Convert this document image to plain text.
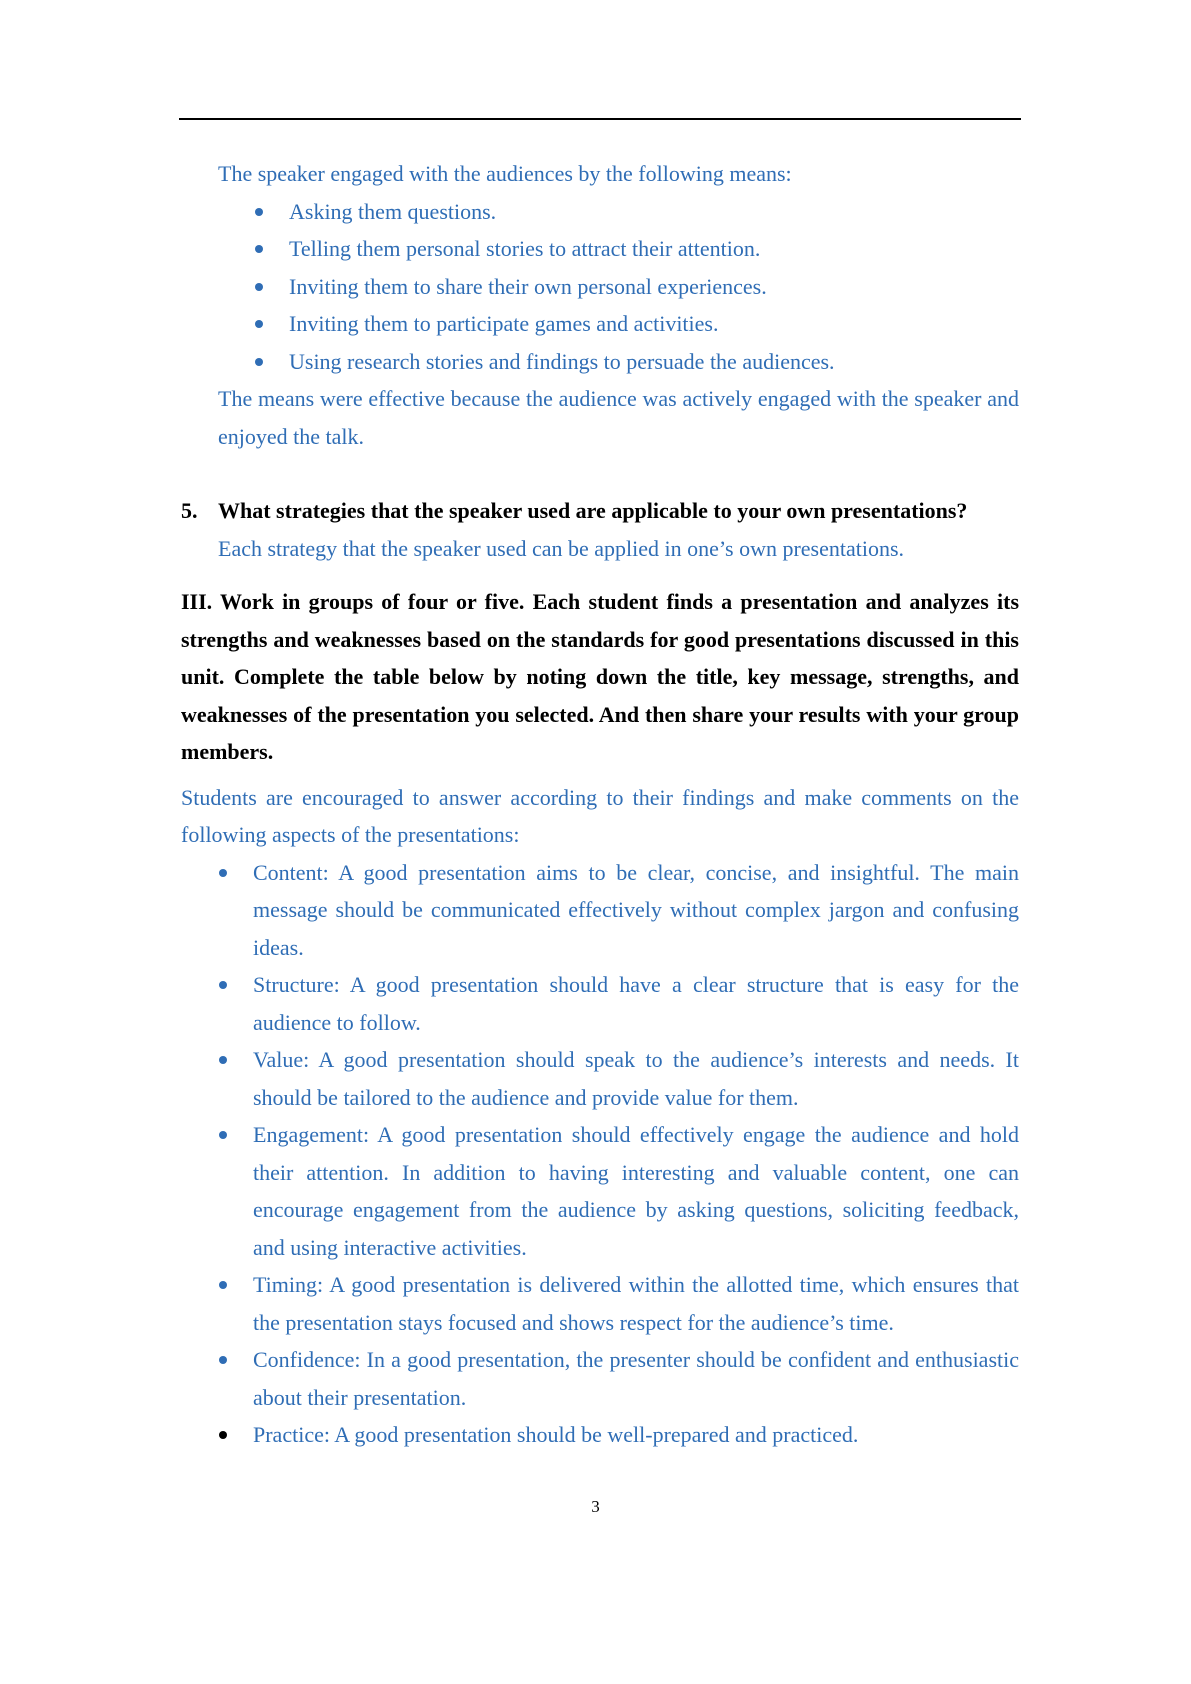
The speaker engaged with the audiences by the following means:
Asking them questions.
Telling them personal stories to attract their attention.
Inviting them to share their own personal experiences.
Inviting them to participate games and activities.
Using research stories and findings to persuade the audiences.
The means were effective because the audience was actively engaged with the speaker and enjoyed the talk.
5. What strategies that the speaker used are applicable to your own presentations?
Each strategy that the speaker used can be applied in one’s own presentations.
III. Work in groups of four or five. Each student finds a presentation and analyzes its strengths and weaknesses based on the standards for good presentations discussed in this unit. Complete the table below by noting down the title, key message, strengths, and weaknesses of the presentation you selected. And then share your results with your group members.
Students are encouraged to answer according to their findings and make comments on the following aspects of the presentations:
Content: A good presentation aims to be clear, concise, and insightful. The main message should be communicated effectively without complex jargon and confusing ideas.
Structure: A good presentation should have a clear structure that is easy for the audience to follow.
Value: A good presentation should speak to the audience’s interests and needs. It should be tailored to the audience and provide value for them.
Engagement: A good presentation should effectively engage the audience and hold their attention. In addition to having interesting and valuable content, one can encourage engagement from the audience by asking questions, soliciting feedback, and using interactive activities.
Timing: A good presentation is delivered within the allotted time, which ensures that the presentation stays focused and shows respect for the audience’s time.
Confidence: In a good presentation, the presenter should be confident and enthusiastic about their presentation.
Practice: A good presentation should be well-prepared and practiced.
3
